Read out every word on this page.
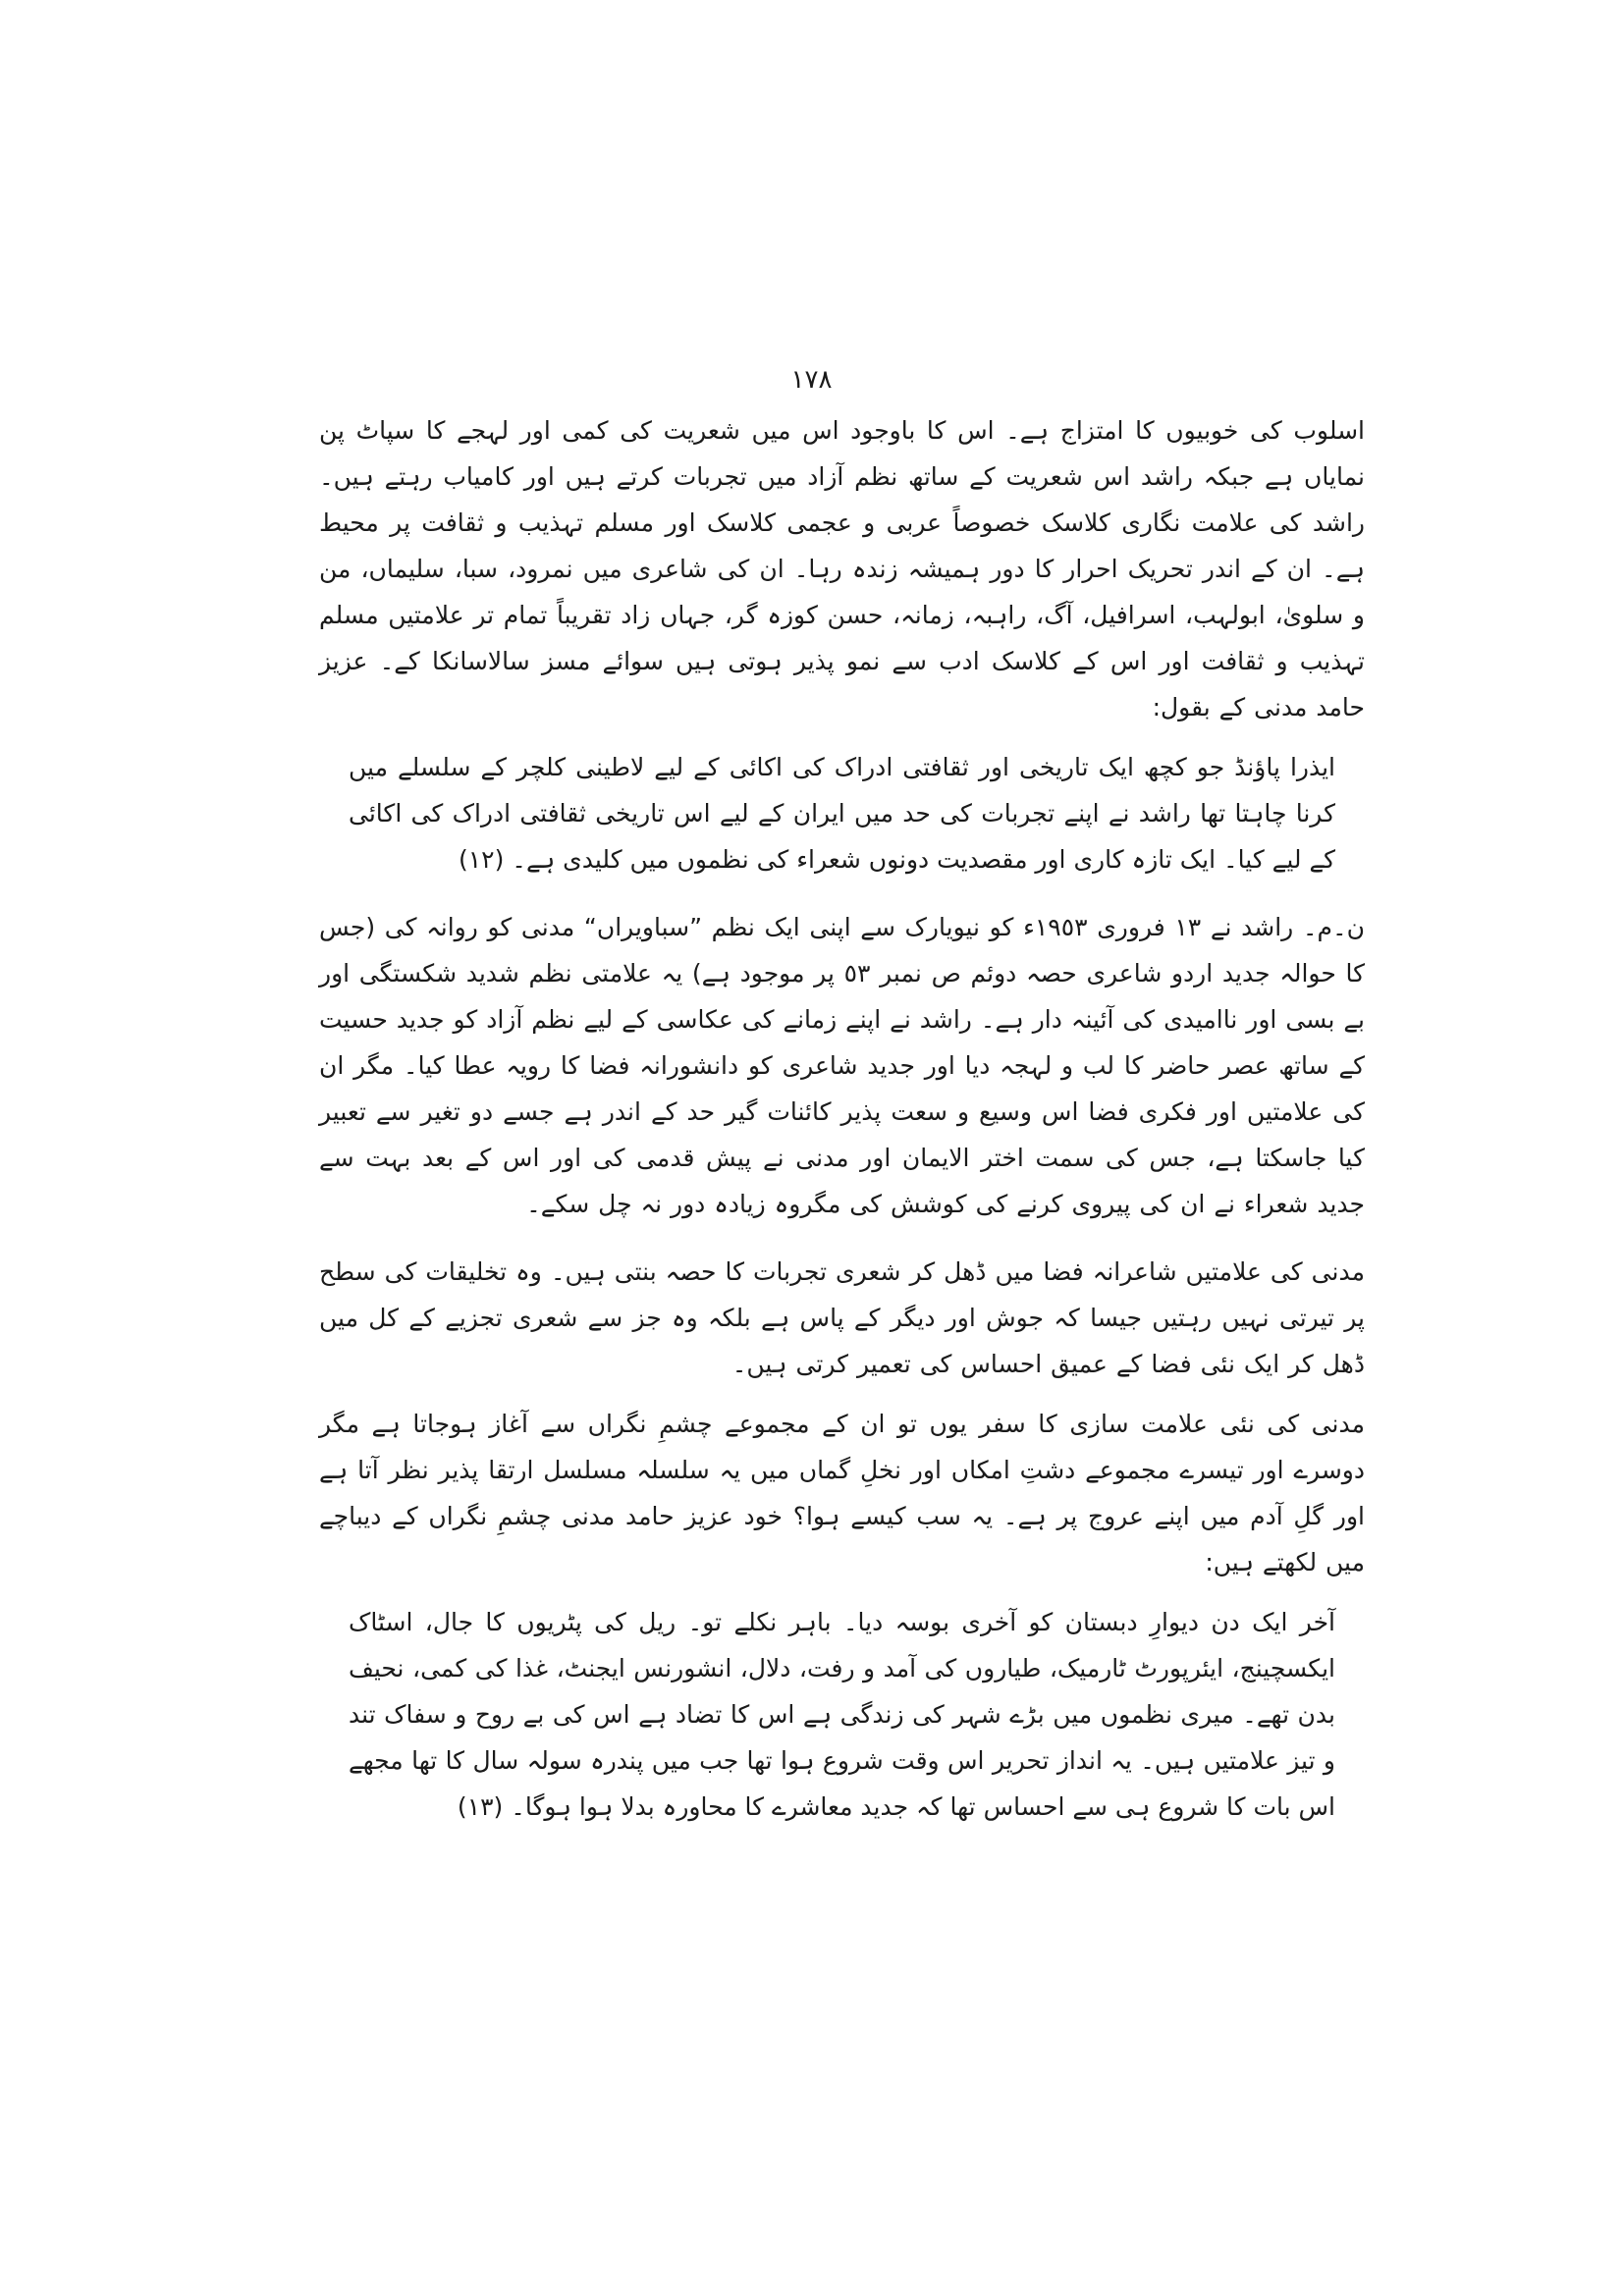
١٧٨

اسلوب کی خوبیوں کا امتزاج ہے۔ اس کا باوجود اس میں شعریت کی کمی اور لہجے کا سپاٹ پن نمایاں ہے جبکہ راشد اس شعریت کے ساتھ نظم آزاد میں تجربات کرتے ہیں اور کامیاب رہتے ہیں۔ راشد کی علامت نگاری کلاسک خصوصاً عربی و عجمی کلاسک اور مسلم تہذیب و ثقافت پر محیط ہے۔ ان کے اندر تحریک احرار کا دور ہمیشہ زندہ رہا۔ ان کی شاعری میں نمرود، سبا، سلیماں، من و سلویٰ، ابولہب، اسرافیل، آگ، راہبہ، زمانہ، حسن کوزہ گر، جہاں زاد تقریباً تمام تر علامتیں مسلم تہذیب و ثقافت اور اس کے کلاسک ادب سے نمو پذیر ہوتی ہیں سوائے مسز سالاسانکا کے۔ عزیز حامد مدنی کے بقول:

ایذرا پاؤنڈ جو کچھ ایک تاریخی اور ثقافتی ادراک کی اکائی کے لیے لاطینی کلچر کے سلسلے میں کرنا چاہتا تھا راشد نے اپنے تجربات کی حد میں ایران کے لیے اس تاریخی ثقافتی ادراک کی اکائی کے لیے کیا۔ ایک تازہ کاری اور مقصدیت دونوں شعراء کی نظموں میں کلیدی ہے۔ (١٢)

ن۔م۔ راشد نے ١٣ فروری ١٩٥٣ء کو نیویارک سے اپنی ایک نظم ”سباویراں“ مدنی کو روانہ کی (جس کا حوالہ جدید اردو شاعری حصہ دوئم ص نمبر ٥٣ پر موجود ہے) یہ علامتی نظم شدید شکستگی اور بے بسی اور ناامیدی کی آئینہ دار ہے۔ راشد نے اپنے زمانے کی عکاسی کے لیے نظم آزاد کو جدید حسیت کے ساتھ عصر حاضر کا لب و لہجہ دیا اور جدید شاعری کو دانشورانہ فضا کا رویہ عطا کیا۔ مگر ان کی علامتیں اور فکری فضا اس وسیع و سعت پذیر کائنات گیر حد کے اندر ہے جسے دو تغیر سے تعبیر کیا جاسکتا ہے، جس کی سمت اختر الایمان اور مدنی نے پیش قدمی کی اور اس کے بعد بہت سے جدید شعراء نے ان کی پیروی کرنے کی کوشش کی مگروہ زیادہ دور نہ چل سکے۔

مدنی کی علامتیں شاعرانہ فضا میں ڈھل کر شعری تجربات کا حصہ بنتی ہیں۔ وہ تخلیقات کی سطح پر تیرتی نہیں رہتیں جیسا کہ جوش اور دیگر کے پاس ہے بلکہ وہ جز سے شعری تجزیے کے کل میں ڈھل کر ایک نئی فضا کے عمیق احساس کی تعمیر کرتی ہیں۔

مدنی کی نئی علامت سازی کا سفر یوں تو ان کے مجموعے چشمِ نگراں سے آغاز ہوجاتا ہے مگر دوسرے اور تیسرے مجموعے دشتِ امکاں اور نخلِ گماں میں یہ سلسلہ مسلسل ارتقا پذیر نظر آتا ہے اور گلِ آدم میں اپنے عروج پر ہے۔ یہ سب کیسے ہوا؟ خود عزیز حامد مدنی چشمِ نگراں کے دیباچے میں لکھتے ہیں:

آخر ایک دن دیوارِ دبستان کو آخری بوسہ دیا۔ باہر نکلے تو۔ ریل کی پٹریوں کا جال، اسٹاک ایکسچینج، ایئرپورٹ ٹارمیک، طیاروں کی آمد و رفت، دلال، انشورنس ایجنٹ، غذا کی کمی، نحیف بدن تھے۔ میری نظموں میں بڑے شہر کی زندگی ہے اس کا تضاد ہے اس کی بے روح و سفاک تند و تیز علامتیں ہیں۔ یہ انداز تحریر اس وقت شروع ہوا تھا جب میں پندرہ سولہ سال کا تھا مجھے اس بات کا شروع ہی سے احساس تھا کہ جدید معاشرے کا محاورہ بدلا ہوا ہوگا۔ (١٣)
